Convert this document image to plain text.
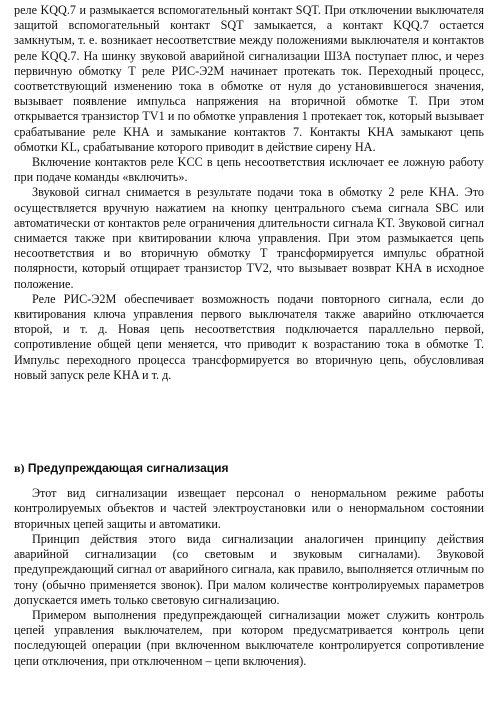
реле KQQ.7 и размыкается вспомогательный контакт SQT. При отключении выключателя защитой вспомогательный контакт SQT замыкается, а контакт KQQ.7 остается замкнутым, т. е. возникает несоответствие между положениями выключателя и контактов реле KQQ.7. На шинку звуковой аварийной сигнализации ШЗА поступает плюс, и через первичную обмотку T реле РИС-Э2М начинает протекать ток. Переходный процесс, соответствующий изменению тока в обмотке от нуля до установившегося значения, вызывает появление импульса напряжения на вторичной обмотке T. При этом открывается транзистор TV1 и по обмотке управления 1 протекает ток, который вызывает срабатывание реле KHA и замыкание контактов 7. Контакты KHA замыкают цепь обмотки KL, срабатывание которого приводит в действие сирену HA.

Включение контактов реле KCC в цепь несоответствия исключает ее ложную работу при подаче команды «включить».

Звуковой сигнал снимается в результате подачи тока в обмотку 2 реле KHA. Это осуществляется вручную нажатием на кнопку центрального съема сигнала SBC или автоматически от контактов реле ограничения длительности сигнала KT. Звуковой сигнал снимается также при квитировании ключа управления. При этом размыкается цепь несоответствия и во вторичную обмотку T трансформируется импульс обратной полярности, который отщирает транзистор TV2, что вызывает возврат KHA в исходное положение.

Реле РИС-Э2М обеспечивает возможность подачи повторного сигнала, если до квитирования ключа управления первого выключателя также аварийно отключается второй, и т. д. Новая цепь несоответствия подключается параллельно первой, сопротивление общей цепи меняется, что приводит к возрастанию тока в обмотке T. Импульс переходного процесса трансформируется во вторичную цепь, обусловливая новый запуск реле KHA и т. д.

в) Предупреждающая сигнализация

Этот вид сигнализации извещает персонал о ненормальном режиме работы контролируемых объектов и частей электроустановки или о ненормальном состоянии вторичных цепей защиты и автоматики.

Принцип действия этого вида сигнализации аналогичен принципу действия аварийной сигнализации (со световым и звуковым сигналами). Звуковой предупреждающий сигнал от аварийного сигнала, как правило, выполняется отличным по тону (обычно применяется звонок). При малом количестве контролируемых параметров допускается иметь только световую сигнализацию.

Примером выполнения предупреждающей сигнализации может служить контроль цепей управления выключателем, при котором предусматривается контроль цепи последующей операции (при включенном выключателе контролируется сопротивление цепи отключения, при отключенном – цепи включения).
